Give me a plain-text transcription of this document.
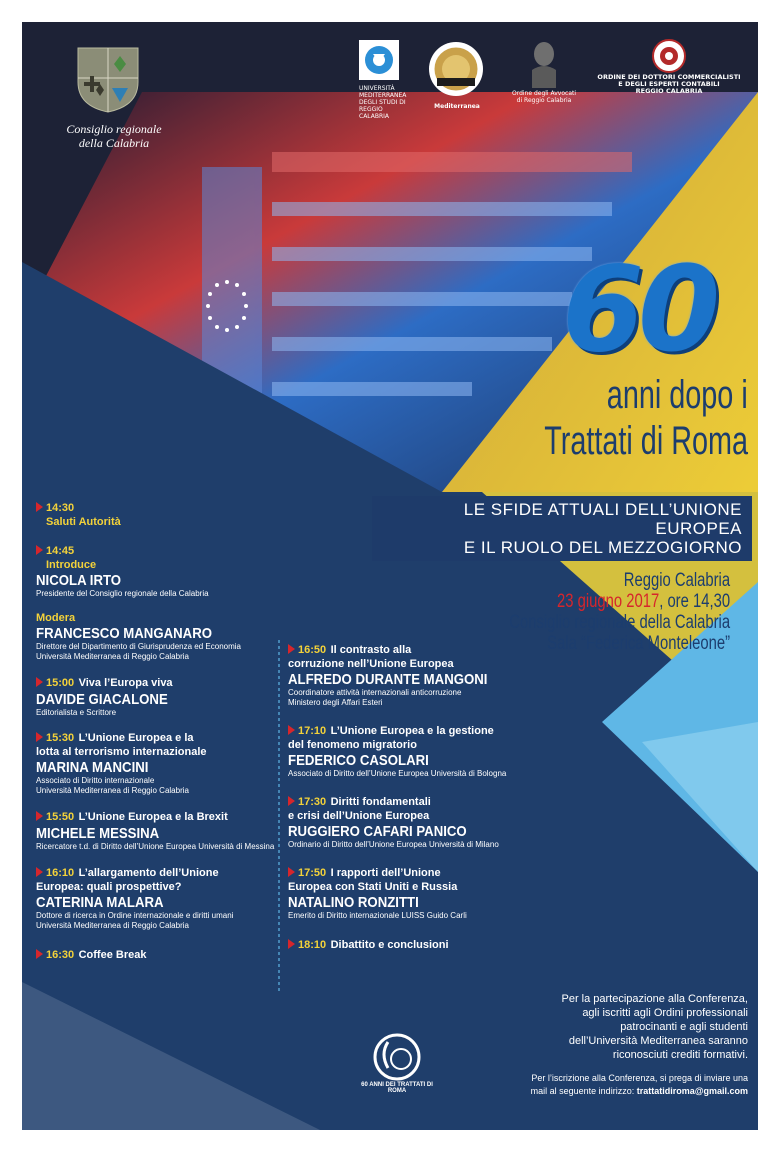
Consiglio regionale
della Calabria
UNIVERSITÀ MEDITERRANEA DEGLI STUDI DI REGGIO CALABRIA
Mediterranea
Ordine degli Avvocati
di Reggio Calabria
ORDINE DEI DOTTORI COMMERCIALISTI
E DEGLI ESPERTI CONTABILI
REGGIO CALABRIA
60
anni dopo i
Trattati di Roma
LE SFIDE ATTUALI DELL’UNIONE EUROPEA
E IL RUOLO DEL MEZZOGIORNO
Reggio Calabria
23 giugno 2017, ore 14,30
Consiglio regionale della Calabria
Sala “Federica Monteleone”
14:30
Saluti Autorità
14:45
Introduce
NICOLA IRTO
Presidente del Consiglio regionale della Calabria
Modera
FRANCESCO MANGANARO
Direttore del Dipartimento di Giurisprudenza ed Economia
Università Mediterranea di Reggio Calabria
15:00 Viva l’Europa viva
DAVIDE GIACALONE
Editorialista e Scrittore
15:30 L’Unione Europea e la
lotta al terrorismo internazionale
MARINA MANCINI
Associato di Diritto internazionale
Università Mediterranea di Reggio Calabria
15:50 L’Unione Europea e la Brexit
MICHELE MESSINA
Ricercatore t.d. di Diritto dell’Unione Europea Università di Messina
16:10 L’allargamento dell’Unione
Europea: quali prospettive?
CATERINA MALARA
Dottore di ricerca in Ordine internazionale e diritti umani
Università Mediterranea di Reggio Calabria
16:30 Coffee Break
16:50 Il contrasto alla
corruzione nell’Unione Europea
ALFREDO DURANTE MANGONI
Coordinatore attività internazionali anticorruzione
Ministero degli Affari Esteri
17:10 L’Unione Europea e la gestione
del fenomeno migratorio
FEDERICO CASOLARI
Associato di Diritto dell’Unione Europea Università di Bologna
17:30 Diritti fondamentali
e crisi dell’Unione Europea
RUGGIERO CAFARI PANICO
Ordinario di Diritto dell’Unione Europea Università di Milano
17:50 I rapporti dell’Unione
Europea con Stati Uniti e Russia
NATALINO RONZITTI
Emerito di Diritto internazionale LUISS Guido Carli
18:10 Dibattito e conclusioni
Per la partecipazione alla Conferenza,
agli iscritti agli Ordini professionali
patrocinanti e agli studenti
dell’Università Mediterranea saranno
riconosciuti crediti formativi.
Per l’iscrizione alla Conferenza, si prega di inviare una
mail al seguente indirizzo: trattatidiroma@gmail.com
60 ANNI DEI TRATTATI DI ROMA
